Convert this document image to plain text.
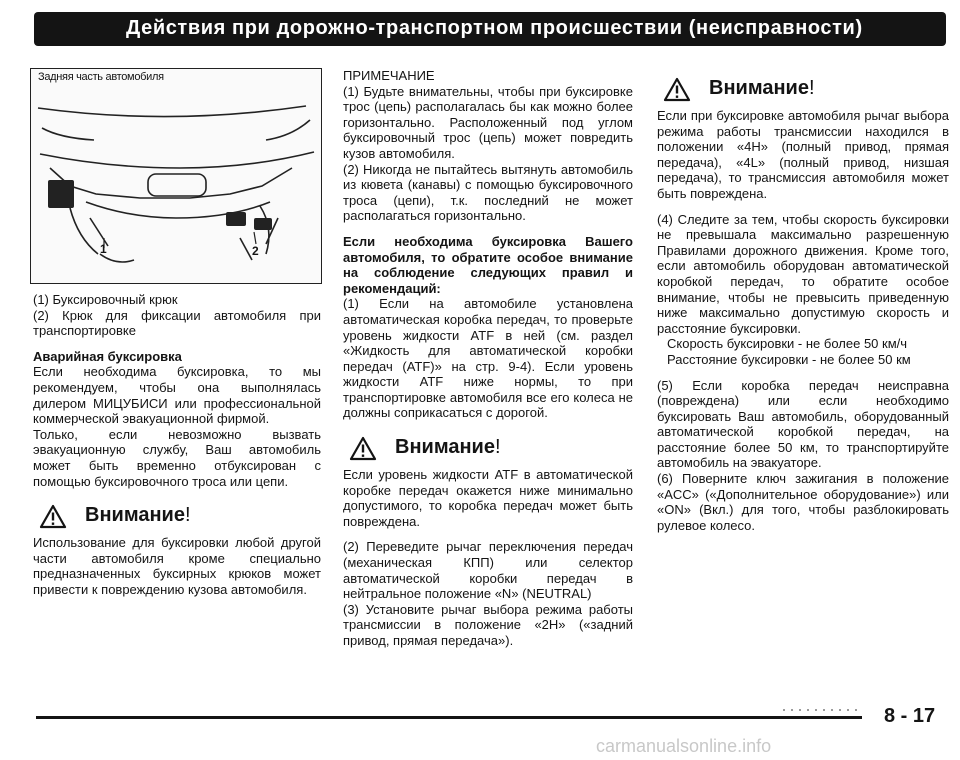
Действия при дорожно-транспортном происшествии (неисправности)
Задняя часть автомобиля
1	2

(1) Буксировочный крюк

(2) Крюк для фиксации автомобиля при транспортировке

Аварийная буксировка

Если необходима буксировка, то мы рекомендуем, чтобы она выполнялась дилером МИЦУБИСИ или профессиональной коммерческой эвакуационной фирмой.

Только, если невозможно вызвать эвакуационную службу, Ваш автомобиль может быть временно отбуксирован с помощью буксировочного троса или цепи.

Внимание !

Использование для буксировки любой другой части автомобиля кроме специально предназначенных буксирных крюков может привести к повреждению кузова автомобиля.

ПРИМЕЧАНИЕ

(1) Будьте внимательны, чтобы при буксировке трос (цепь) располагалась бы как можно более горизонтально. Расположенный под углом буксировочный трос (цепь) может повредить кузов автомобиля.

(2) Никогда не пытайтесь вытянуть автомобиль из кювета (канавы) с помощью буксировочного троса (цепи), т.к. последний не может располагаться горизонтально.

Если необходима буксировка Вашего автомобиля, то обратите особое внимание на соблюдение следующих правил и рекомендаций:

(1) Если на автомобиле установлена автоматическая коробка передач, то проверьте уровень жидкости ATF в ней (см. раздел «Жидкость для автоматической коробки передач (ATF)» на стр. 9-4). Если уровень жидкости ATF ниже нормы, то при транспортировке автомобиля все его колеса не должны соприкасаться с дорогой.

Внимание !

Если уровень жидкости ATF в автоматической коробке передач окажется ниже минимально допустимого, то коробка передач может быть повреждена.

(2) Переведите рычаг переключения передач (механическая КПП) или селектор автоматической коробки передач в нейтральное положение «N» (NEUTRAL)

(3) Установите рычаг выбора режима работы трансмиссии в положение «2H» («задний привод, прямая передача»).

Внимание !

Если при буксировке автомобиля рычаг выбора режима работы трансмиссии находился в положении «4H» (полный привод, прямая передача), «4L» (полный привод, низшая передача), то трансмиссия автомобиля может быть повреждена.

(4) Следите за тем, чтобы скорость буксировки не превышала максимально разрешенную Правилами дорожного движения. Кроме того, если автомобиль оборудован автоматической коробкой передач, то обратите особое внимание, чтобы не превысить приведенную ниже максимально допустимую скорость и расстояние буксировки.

Скорость буксировки - не более 50 км/ч

Расстояние буксировки - не более 50 км

(5) Если коробка передач неисправна (повреждена) или если необходимо буксировать Ваш автомобиль, оборудованный автоматической коробкой передач, на расстояние более 50 км, то транспортируйте автомобиль на эвакуаторе.

(6) Поверните ключ зажигания в положение «ACC» («Дополнительное оборудование») или «ON» (Вкл.) для того, чтобы разблокировать рулевое колесо.

8 - 17
carmanualsonline.info
